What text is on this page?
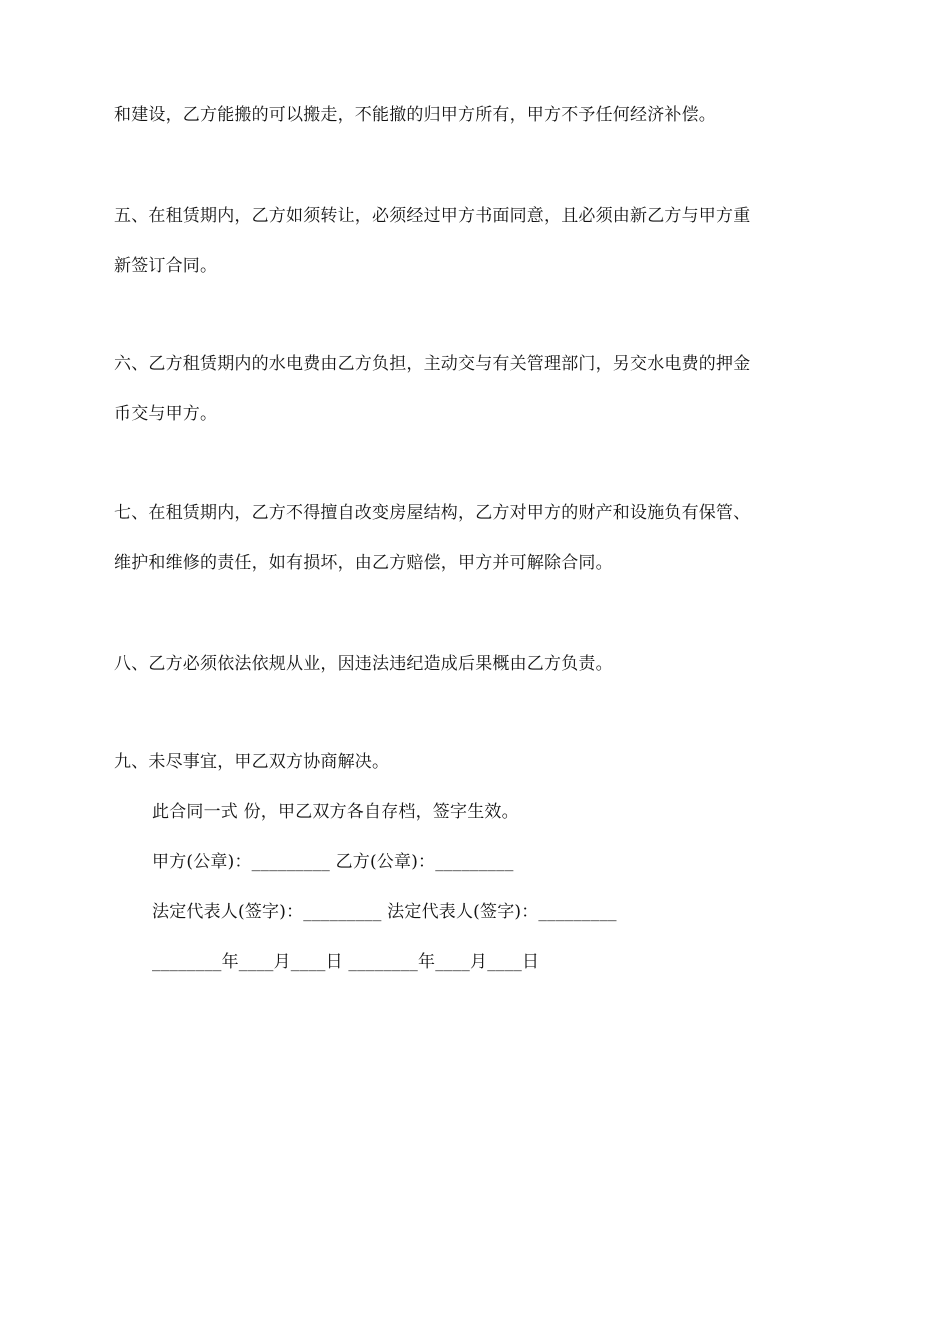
和建设，乙方能搬的可以搬走，不能撤的归甲方所有，甲方不予任何经济补偿。
五、在租赁期内，乙方如须转让，必须经过甲方书面同意，且必须由新乙方与甲方重
新签订合同。
六、乙方租赁期内的水电费由乙方负担，主动交与有关管理部门，另交水电费的押金
币交与甲方。
七、在租赁期内，乙方不得擅自改变房屋结构，乙方对甲方的财产和设施负有保管、
维护和维修的责任，如有损坏，由乙方赔偿，甲方并可解除合同。
八、乙方必须依法依规从业，因违法违纪造成后果概由乙方负责。
九、未尽事宜，甲乙双方协商解决。
此合同一式 份，甲乙双方各自存档，签字生效。
甲方(公章)：_________ 乙方(公章)：_________
法定代表人(签字)：_________ 法定代表人(签字)：_________
________年____月____日 ________年____月____日
